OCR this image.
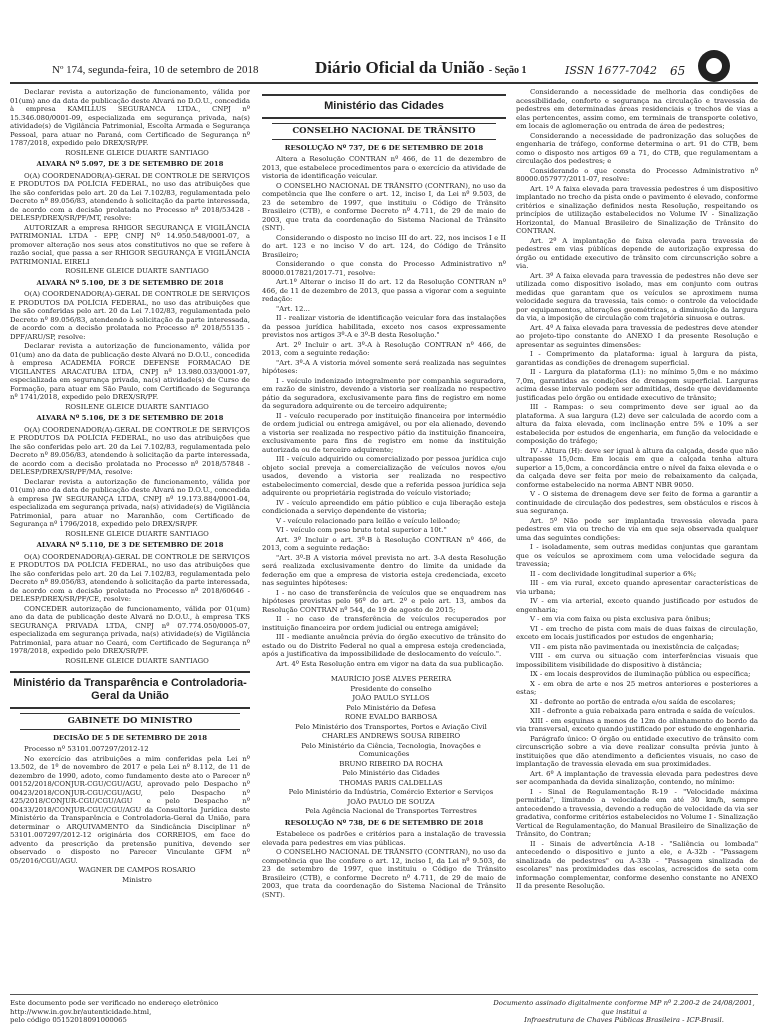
Nº 174, segunda-feira, 10 de setembro de 2018	Diário Oficial da União - Seção 1	ISSN 1677-7042 65

Declarar revista a autorização de funcionamento, válida por 01(um) ano da data de publicação deste Alvará no D.O.U., concedida à empresa KAMILLUS SEGURANCA LTDA., CNPJ nº 15.346.080/0001-09, especializada em segurança privada, na(s) atividade(s) de Vigilância Patrimonial, Escolta Armada e Segurança Pessoal, para atuar no Paraná, com Certificado de Segurança nº 1787/2018, expedido pelo DREX/SR/PF.

ROSILENE GLEICE DUARTE SANTIAGO

ALVARÁ Nº 5.097, DE 3 DE SETEMBRO DE 2018

O(A) COORDENADOR(A)-GERAL DE CONTROLE DE SERVIÇOS E PRODUTOS DA POLÍCIA FEDERAL, no uso das atribuições que lhe são conferidas pelo art. 20 da Lei 7.102/83, regulamentada pelo Decreto nº 89.056/83, atendendo à solicitação da parte interessada, de acordo com a decisão prolatada no Processo nº 2018/53428 - DELESP/DREX/SR/PF/MT, resolve:

AUTORIZAR a empresa RHIGOR SEGURANÇA E VIGILÂNCIA PATRIMONIAL LTDA - EPP, CNPJ Nº 14.950.548/0001-07, a promover alteração nos seus atos constitutivos no que se refere à razão social, que passa a ser RHIGOR SEGURANÇA E VIGILÂNCIA PATRIMONIAL EIRELI

ROSILENE GLEICE DUARTE SANTIAGO

ALVARÁ Nº 5.100, DE 3 DE SETEMBRO DE 2018

O(A) COORDENADOR(A)-GERAL DE CONTROLE DE SERVIÇOS E PRODUTOS DA POLÍCIA FEDERAL, no uso das atribuições que lhe são conferidas pelo art. 20 da Lei 7.102/83, regulamentada pelo Decreto nº 89.056/83, atendendo à solicitação da parte interessada, de acordo com a decisão prolatada no Processo nº 2018/55135 - DPF/ARU/SP, resolve:

Declarar revista a autorização de funcionamento, válida por 01(um) ano da data de publicação deste Alvará no D.O.U., concedida à empresa ACADEMIA FORCE DEFENSE FORMACAO DE VIGILANTES ARACATUBA LTDA, CNPJ nº 13.980.033/0001-97, especializada em segurança privada, na(s) atividade(s) de Curso de Formação, para atuar em São Paulo, com Certificado de Segurança nº 1741/2018, expedido pelo DREX/SR/PF.

ROSILENE GLEICE DUARTE SANTIAGO

ALVARÁ Nº 5.106, DE 3 DE SETEMBRO DE 2018

O(A) COORDENADOR(A)-GERAL DE CONTROLE DE SERVIÇOS E PRODUTOS DA POLÍCIA FEDERAL, no uso das atribuições que lhe são conferidas pelo art. 20 da Lei 7.102/83, regulamentada pelo Decreto nº 89.056/83, atendendo à solicitação da parte interessada, de acordo com a decisão prolatada no Processo nº 2018/57848 - DELESP/DREX/SR/PF/MA, resolve:

Declarar revista a autorização de funcionamento, válida por 01(um) ano da data de publicação deste Alvará no D.O.U., concedida à empresa JW SEGURANÇA LTDA, CNPJ nº 19.173.884/0001-04, especializada em segurança privada, na(s) atividade(s) de Vigilância Patrimonial, para atuar no Maranhão, com Certificado de Segurança nº 1796/2018, expedido pelo DREX/SR/PF.

ROSILENE GLEICE DUARTE SANTIAGO

ALVARÁ Nº 5.110, DE 3 DE SETEMBRO DE 2018

O(A) COORDENADOR(A)-GERAL DE CONTROLE DE SERVIÇOS E PRODUTOS DA POLÍCIA FEDERAL, no uso das atribuições que lhe são conferidas pelo art. 20 da Lei 7.102/83, regulamentada pelo Decreto nº 89.056/83, atendendo à solicitação da parte interessada, de acordo com a decisão prolatada no Processo nº 2018/60646 - DELESP/DREX/SR/PF/CE, resolve:

CONCEDER autorização de funcionamento, válida por 01(um) ano da data de publicação deste Alvará no D.O.U., à empresa TKS SEGURANÇA PRIVADA LTDA, CNPJ nº 07.774.050/0005-07, especializada em segurança privada, na(s) atividade(s) de Vigilância Patrimonial, para atuar no Ceará, com Certificado de Segurança nº 1978/2018, expedido pelo DREX/SR/PF.

ROSILENE GLEICE DUARTE SANTIAGO

Ministério da Transparência e Controladoria-Geral da União
GABINETE DO MINISTRO

DECISÃO DE 5 DE SETEMBRO DE 2018

Processo nº 53101.007297/2012-12

No exercício das atribuições a mim conferidas pela Lei nº 13.502, de 1º de novembro de 2017 e pela Lei nº 8.112, de 11 de dezembro de 1990, adoto, como fundamento deste ato o Parecer nº 00152/2018/CONJUR-CGU/CGU/AGU, aprovado pelo Despacho nº 00423/2018/CONJUR-CGU/CGU/AGU, pelo Despacho nº 425/2018/CONJUR-CGU/CGU/AGU e pelo Despacho nº 00433/2018/CONJUR-CGU/CGU/AGU da Consultoria Jurídica deste Ministério da Transparência e Controladoria-Geral da União, para determinar o ARQUIVAMENTO da Sindicância Disciplinar nº 53101.007297/2012-12 originária dos CORREIOS, em face do advento da prescrição da pretensão punitiva, devendo ser observado o disposto no Parecer Vinculante GFM nº 05/2016/CGU/AGU.

WAGNER DE CAMPOS ROSARIO

Ministro

Ministério das Cidades
CONSELHO NACIONAL DE TRÂNSITO

RESOLUÇÃO Nº 737, DE 6 DE SETEMBRO DE 2018

Altera a Resolução CONTRAN nº 466, de 11 de dezembro de 2013, que estabelece procedimentos para o exercício da atividade de vistoria de identificação veicular.

O CONSELHO NACIONAL DE TRÂNSITO (CONTRAN), no uso da competência que lhe confere o art. 12, inciso I, da Lei nº 9.503, de 23 de setembro de 1997, que instituiu o Código de Trânsito Brasileiro (CTB), e conforme Decreto nº 4.711, de 29 de maio de 2003, que trata da coordenação do Sistema Nacional de Trânsito (SNT).

Considerando o disposto no inciso III do art. 22, nos incisos I e II do art. 123 e no inciso V do art. 124, do Código de Trânsito Brasileiro;

Considerando o que consta do Processo Administrativo nº 80000.017821/2017-71, resolve:

Art.1º Alterar o inciso II do art. 12 da Resolução CONTRAN nº 466, de 11 de dezembro de 2013, que passa a vigorar com a seguinte redação:

"Art. 12...

II - realizar vistoria de identificação veicular fora das instalações da pessoa jurídica habilitada, exceto nos casos expressamente previstos nos artigos 3º-A e 3º-B desta Resolução."

Art. 2º Incluir o art. 3º-A à Resolução CONTRAN nº 466, de 2013, com a seguinte redação:

"Art. 3º-A A vistoria móvel somente será realizada nas seguintes hipóteses:

I - veículo indenizado integralmente por companhia seguradora, em razão de sinistro, devendo a vistoria ser realizada no respectivo pátio da seguradora, exclusivamente para fins de registro em nome da seguradora adquirente ou de terceiro adquirente;

II - veículo recuperado por instituição financeira por intermédio de ordem judicial ou entrega amigável, ou por ela alienado, devendo a vistoria ser realizada no respectivo pátio da instituição financeira, exclusivamente para fins de registro em nome da instituição autorizada ou de terceiro adquirente;

III - veículo adquirido ou comercializado por pessoa jurídica cujo objeto social preveja a comercialização de veículos novos e/ou usados, devendo a vistoria ser realizada no respectivo estabelecimento comercial, desde que a referida pessoa jurídica seja adquirente ou proprietária registrada do veículo vistoriado;

IV - veículo apreendido em pátio público e cuja liberação esteja condicionada a serviço dependente de vistoria;

V - veículo relacionado para leilão e veículo leiloado;

VI - veículo com peso bruto total superior a 10t."

Art. 3º Incluir o art. 3º-B à Resolução CONTRAN nº 466, de 2013, com a seguinte redação:

"Art. 3º-B A vistoria móvel prevista no art. 3-A desta Resolução será realizada exclusivamente dentro do limite da unidade da federação em que a empresa de vistoria esteja credenciada, exceto nas seguintes hipóteses:

I - no caso de transferência de veículos que se enquadrem nas hipóteses previstas pelo §6º do art. 2º e pelo art. 13, ambos da Resolução CONTRAN nº 544, de 19 de agosto de 2015;

II - no caso de transferência de veículos recuperados por instituição financeira por ordem judicial ou entrega amigável;

III - mediante anuência prévia do órgão executivo de trânsito do estado ou do Distrito Federal no qual a empresa esteja credenciada, após a justificativa da impossibilidade de deslocamento do veículo.".

Art. 4º Esta Resolução entra em vigor na data da sua publicação.

MAURÍCIO JOSÉ ALVES PEREIRA

Presidente do conselho

JOÃO PAULO SYLLOS

Pelo Ministério da Defesa

RONE EVALDO BARBOSA

Pelo Ministério dos Transportes, Portos e Aviação Civil

CHARLES ANDREWS SOUSA RIBEIRO

Pelo Ministério da Ciência, Tecnologia, Inovações e Comunicações

BRUNO RIBEIRO DA ROCHA

Pelo Ministério das Cidades

THOMAS PARIS CALDELLAS

Pelo Ministério da Indústria, Comércio Exterior e Serviços

JOÃO PAULO DE SOUZA

Pela Agência Nacional de Transportes Terrestres

RESOLUÇÃO Nº 738, DE 6 DE SETEMBRO DE 2018

Estabelece os padrões e critérios para a instalação de travessia elevada para pedestres em vias públicas.

O CONSELHO NACIONAL DE TRÂNSITO (CONTRAN), no uso da competência que lhe confere o art. 12, inciso I, da Lei nº 9.503, de 23 de setembro de 1997, que instituiu o Código de Trânsito Brasileiro (CTB), e conforme Decreto nº 4.711, de 29 de maio de 2003, que trata da coordenação do Sistema Nacional de Trânsito (SNT).

Considerando a necessidade de melhoria das condições de acessibilidade, conforto e segurança na circulação e travessia de pedestres em determinadas áreas residenciais e trechos de vias a elas pertencentes, assim como, em terminais de transporte coletivo, em locais de aglomeração ou entrada de área de pedestres;

Considerando a necessidade de padronização das soluções de engenharia de tráfego, conforme determina o art. 91 do CTB, bem como o disposto nos artigos 69 a 71, do CTB, que regulamentam a circulação dos pedestres; e

Considerando o que consta do Processo Administrativo nº 80000.057977/2011-07, resolve:

Art. 1º A faixa elevada para travessia pedestres é um dispositivo implantado no trecho da pista onde o pavimento é elevado, conforme critérios e sinalização definidos nesta Resolução, respeitando os princípios de utilização estabelecidos no Volume IV - Sinalização Horizontal, do Manual Brasileiro de Sinalização de Trânsito do CONTRAN.

Art. 2º A implantação de faixa elevada para travessia de pedestres em vias públicas depende de autorização expressa do órgão ou entidade executivo de trânsito com circunscrição sobre a via.

Art. 3º A faixa elevada para travessia de pedestres não deve ser utilizada como dispositivo isolado, mas em conjunto com outras medidas que garantam que os veículos se aproximem numa velocidade segura da travessia, tais como: o controle da velocidade por equipamentos, alterações geométricas, a diminuição da largura da via, a imposição de circulação com trajetória sinuosa e outras.

Art. 4º A faixa elevada para travessia de pedestres deve atender ao projeto-tipo constante do ANEXO I da presente Resolução e apresentar as seguintes dimensões:

I - Comprimento da plataforma: igual à largura da pista, garantidas as condições de drenagem superficial.

II - Largura da plataforma (L1): no mínimo 5,0m e no máximo 7,0m, garantidas as condições de drenagem superficial. Larguras acima desse intervalo podem ser admitidas, desde que devidamente justificadas pelo órgão ou entidade executivo de trânsito;

III - Rampas: o seu comprimento deve ser igual ao da plataforma. A sua largura (L2) deve ser calculada de acordo com a altura da faixa elevada, com inclinação entre 5% e 10% a ser estabelecida por estudos de engenharia, em função da velocidade e composição do tráfego;

IV - Altura (H): deve ser igual à altura da calçada, desde que não ultrapasse 15,0cm. Em locais em que a calçada tenha altura superior a 15,0cm, a concordância entre o nível da faixa elevada e o da calçada deve ser feita por meio de rebaixamento da calçada, conforme estabelecido na norma ABNT NBR 9050.

V - O sistema de drenagem deve ser feito de forma a garantir a continuidade de circulação dos pedestres, sem obstáculos e riscos à sua segurança.

Art. 5º Não pode ser implantada travessia elevada para pedestres em via ou trecho de via em que seja observada qualquer uma das seguintes condições:

I - isoladamente, sem outras medidas conjuntas que garantam que os veículos se aproximem com uma velocidade segura da travessia;

II - com declividade longitudinal superior a 6%;

III - em via rural, exceto quando apresentar características de via urbana;

IV - em via arterial, exceto quando justificado por estudos de engenharia;

V - em via com faixa ou pista exclusiva para ônibus;

VI - em trecho de pista com mais de duas faixas de circulação, exceto em locais justificados por estudos de engenharia;

VII - em pista não pavimentada ou inexistência de calçadas;

VIII - em curva ou situação com interferências visuais que impossibilitem visibilidade do dispositivo à distância;

IX - em locais desprovidos de iluminação pública ou específica;

X - em obra de arte e nos 25 metros anteriores e posteriores a estas;

XI - defronte ao portão de entrada e/ou saída de escolares;

XII - defronte a guia rebaixada para entrada e saída de veículos.

XIII - em esquinas a menos de 12m do alinhamento do bordo da via transversal, exceto quando justificado por estudo de engenharia.

Parágrafo único: O órgão ou entidade executivo de trânsito com circunscrição sobre a via deve realizar consulta prévia junto à instituições que dão atendimento a deficientes visuais, no caso de implantação de travessia elevada em sua proximidades.

Art. 6º A implantação de travessia elevada para pedestres deve ser acompanhada da devida sinalização, contendo, no mínimo:

I - Sinal de Regulamentação R-19 - "Velocidade máxima permitida", limitando a velocidade em até 30 km/h, sempre antecedendo a travessia, devendo a redução de velocidade da via ser gradativa, conforme critérios estabelecidos no Volume I - Sinalização Vertical de Regulamentação, do Manual Brasileiro de Sinalização de Trânsito, do Contran;

II - Sinais de advertência A-18 - "Saliência ou lombada" antecedendo o dispositivo e junto a ele, e A-32b - "Passagem sinalizada de pedestres" ou A-33b - "Passagem sinalizada de escolares" nas proximidades das escolas, acrescidos de seta com informação complementar, conforme desenho constante no ANEXO II da presente Resolução.

Este documento pode ser verificado no endereço eletrônico http://www.in.gov.br/autenticidade.html,
pelo código 05152018091000065
Documento assinado digitalmente conforme MP nº 2.200-2 de 24/08/2001, que institui a
Infraestrutura de Chaves Públicas Brasileira - ICP-Brasil.
